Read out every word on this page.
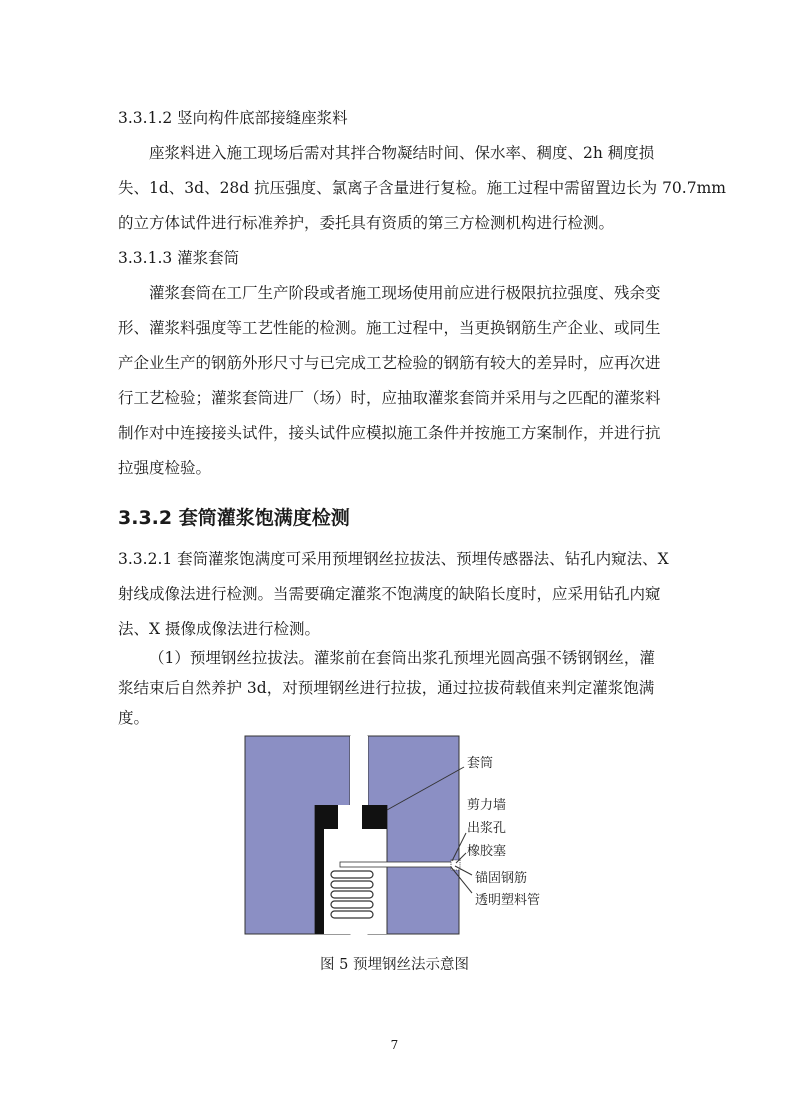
3.3.1.2 竖向构件底部接缝座浆料
座浆料进入施工现场后需对其拌合物凝结时间、保水率、稠度、2h 稠度损
失、1d、3d、28d 抗压强度、氯离子含量进行复检。施工过程中需留置边长为 70.7mm
的立方体试件进行标准养护，委托具有资质的第三方检测机构进行检测。
3.3.1.3 灌浆套筒
灌浆套筒在工厂生产阶段或者施工现场使用前应进行极限抗拉强度、残余变
形、灌浆料强度等工艺性能的检测。施工过程中，当更换钢筋生产企业、或同生
产企业生产的钢筋外形尺寸与已完成工艺检验的钢筋有较大的差异时，应再次进
行工艺检验；灌浆套筒进厂（场）时，应抽取灌浆套筒并采用与之匹配的灌浆料
制作对中连接接头试件，接头试件应模拟施工条件并按施工方案制作，并进行抗
拉强度检验。
3.3.2 套筒灌浆饱满度检测
3.3.2.1 套筒灌浆饱满度可采用预埋钢丝拉拔法、预埋传感器法、钻孔内窥法、X
射线成像法进行检测。当需要确定灌浆不饱满度的缺陷长度时，应采用钻孔内窥
法、X 摄像成像法进行检测。
（1）预埋钢丝拉拔法。灌浆前在套筒出浆孔预埋光圆高强不锈钢钢丝，灌
浆结束后自然养护 3d，对预埋钢丝进行拉拔，通过拉拔荷载值来判定灌浆饱满
度。
套筒
剪力墙
出浆孔
橡胶塞
锚固钢筋
透明塑料管
图 5 预埋钢丝法示意图
7
